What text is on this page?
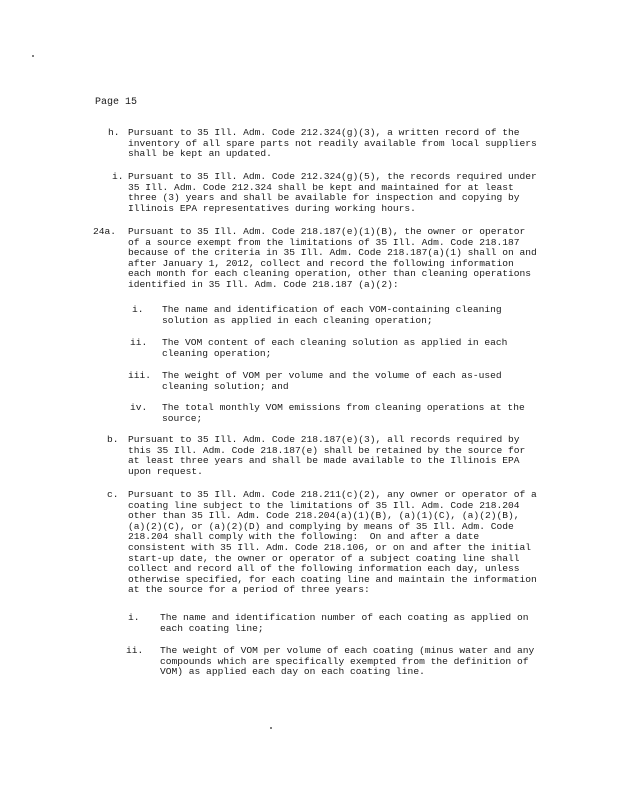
Page 15
h. Pursuant to 35 Ill. Adm. Code 212.324(g)(3), a written record of the
inventory of all spare parts not readily available from local suppliers
shall be kept an updated.
i. Pursuant to 35 Ill. Adm. Code 212.324(g)(5), the records required under
35 Ill. Adm. Code 212.324 shall be kept and maintained for at least
three (3) years and shall be available for inspection and copying by
Illinois EPA representatives during working hours.
24a. Pursuant to 35 Ill. Adm. Code 218.187(e)(1)(B), the owner or operator
of a source exempt from the limitations of 35 Ill. Adm. Code 218.187
because of the criteria in 35 Ill. Adm. Code 218.187(a)(1) shall on and
after January 1, 2012, collect and record the following information
each month for each cleaning operation, other than cleaning operations
identified in 35 Ill. Adm. Code 218.187 (a)(2):
i. The name and identification of each VOM-containing cleaning
solution as applied in each cleaning operation;
ii. The VOM content of each cleaning solution as applied in each
cleaning operation;
iii. The weight of VOM per volume and the volume of each as-used
cleaning solution; and
iv. The total monthly VOM emissions from cleaning operations at the
source;
b. Pursuant to 35 Ill. Adm. Code 218.187(e)(3), all records required by
this 35 Ill. Adm. Code 218.187(e) shall be retained by the source for
at least three years and shall be made available to the Illinois EPA
upon request.
c. Pursuant to 35 Ill. Adm. Code 218.211(c)(2), any owner or operator of a
coating line subject to the limitations of 35 Ill. Adm. Code 218.204
other than 35 Ill. Adm. Code 218.204(a)(1)(B), (a)(1)(C), (a)(2)(B),
(a)(2)(C), or (a)(2)(D) and complying by means of 35 Ill. Adm. Code
218.204 shall comply with the following:  On and after a date
consistent with 35 Ill. Adm. Code 218.106, or on and after the initial
start-up date, the owner or operator of a subject coating line shall
collect and record all of the following information each day, unless
otherwise specified, for each coating line and maintain the information
at the source for a period of three years:
i. The name and identification number of each coating as applied on
each coating line;
ii. The weight of VOM per volume of each coating (minus water and any
compounds which are specifically exempted from the definition of
VOM) as applied each day on each coating line.
